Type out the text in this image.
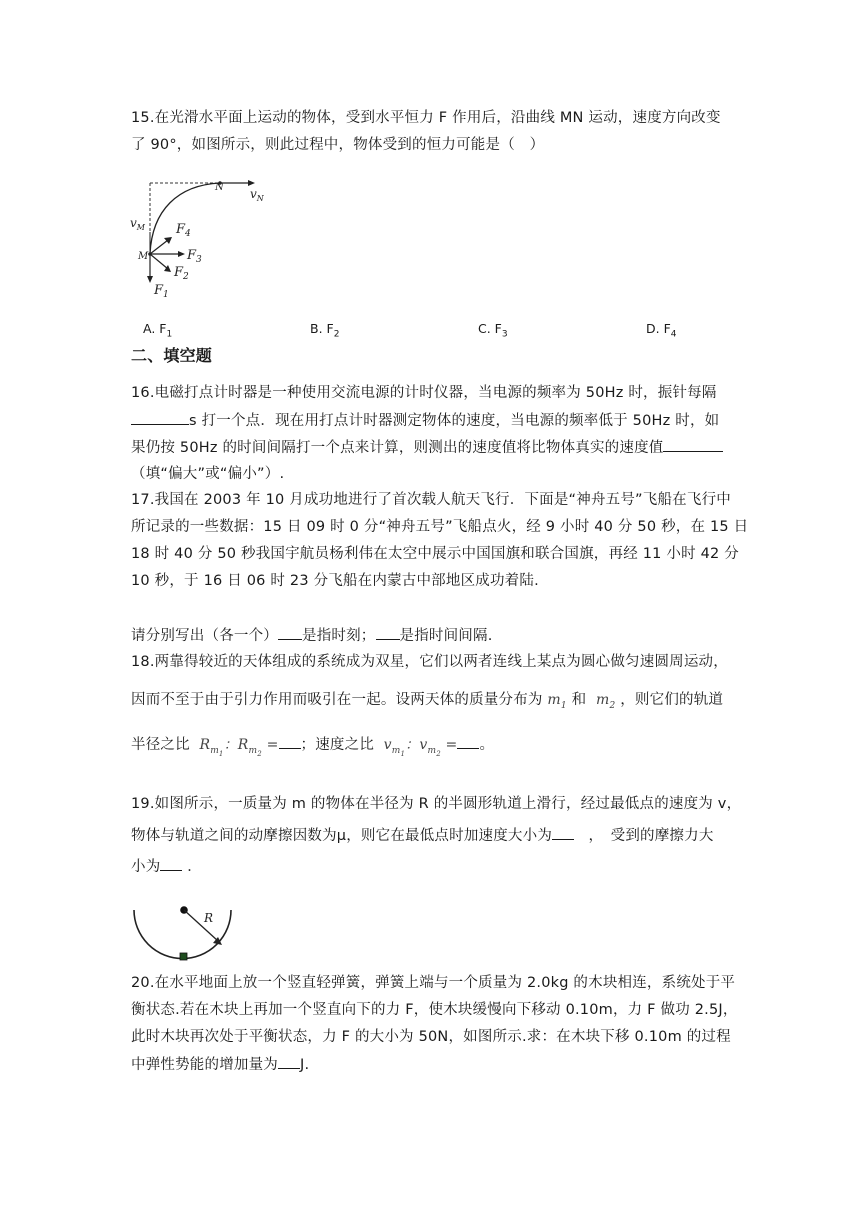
15.在光滑水平面上运动的物体，受到水平恒力 F 作用后，沿曲线 MN 运动，速度方向改变
了 90°，如图所示，则此过程中，物体受到的恒力可能是（　）
$v_M$
$v_N$
M
N
$F_1$
$F_2$
$F_3$
$F_4$
A. $F_1$	B. $F_2$	C. $F_3$	D. $F_4$
二、填空题
16.电磁打点计时器是一种使用交流电源的计时仪器，当电源的频率为 50Hz 时，振针每隔
s 打一个点．现在用打点计时器测定物体的速度，当电源的频率低于 50Hz 时，如
果仍按 50Hz 的时间间隔打一个点来计算，则测出的速度值将比物体真实的速度值
（填“偏大”或“偏小”）.
17.我国在 2003 年 10 月成功地进行了首次载人航天飞行．下面是“神舟五号”飞船在飞行中
所记录的一些数据：15 日 09 时 0 分“神舟五号”飞船点火，经 9 小时 40 分 50 秒，在 15 日
18 时 40 分 50 秒我国宇航员杨利伟在太空中展示中国国旗和联合国旗，再经 11 小时 42 分
10 秒，于 16 日 06 时 23 分飞船在内蒙古中部地区成功着陆.
请分别写出（各一个） 是指时刻； 是指时间间隔.
18.两靠得较近的天体组成的系统成为双星，它们以两者连线上某点为圆心做匀速圆周运动，
因而不至于由于引力作用而吸引在一起。设两天体的质量分布为 $m_1$ 和 $m_2$ ，则它们的轨道
半径之比 $R_{m_1}$：$R_{m_2}$ = ；速度之比 $v_{m_1}$：$v_{m_2}$ = 。
19.如图所示，一质量为 m 的物体在半径为 R 的半圆形轨道上滑行，经过最低点的速度为 v，
物体与轨道之间的动摩擦因数为μ，则它在最低点时加速度大小为	，　受到的摩擦力大
小为 ．
R
20.在水平地面上放一个竖直轻弹簧，弹簧上端与一个质量为 2.0kg 的木块相连，系统处于平
衡状态.若在木块上再加一个竖直向下的力 F，使木块缓慢向下移动 0.10m，力 F 做功 2.5J，
此时木块再次处于平衡状态，力 F 的大小为 50N，如图所示.求：在木块下移 0.10m 的过程
中弹性势能的增加量为 J.
